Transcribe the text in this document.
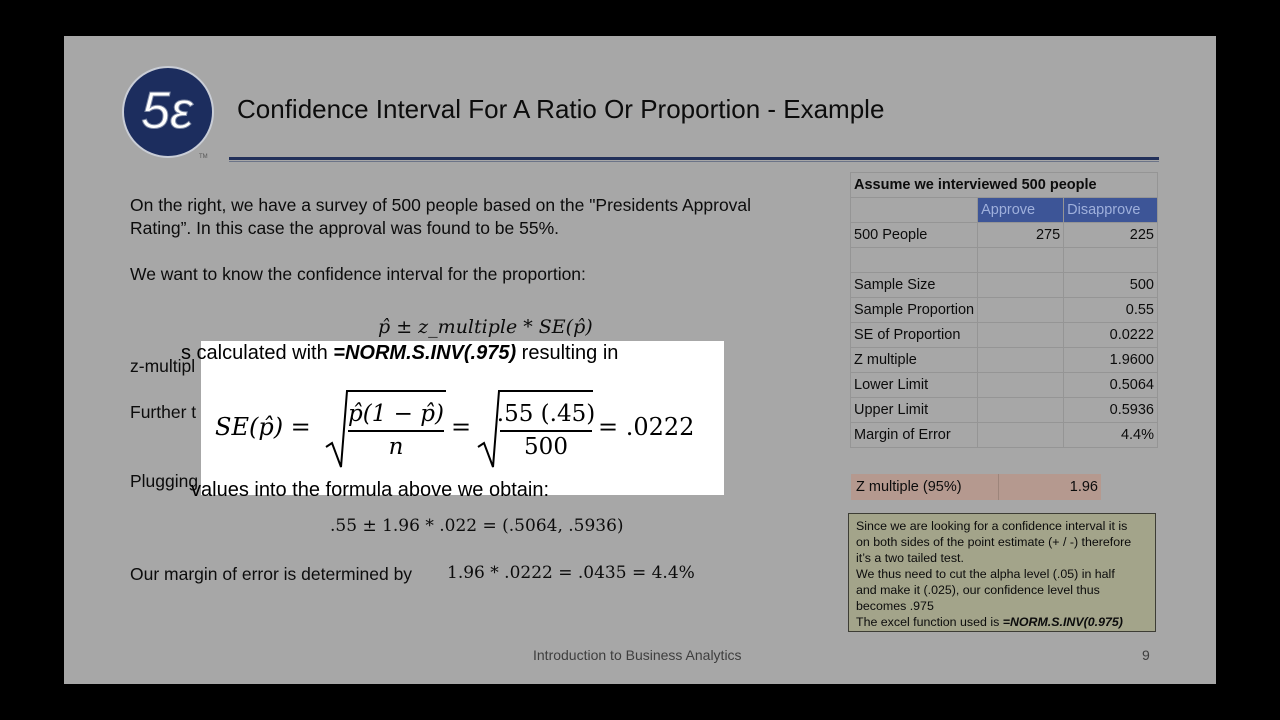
5ε
TM
Confidence Interval For A Ratio Or Proportion - Example
On the right, we have a survey of 500 people based on the "Presidents Approval
Rating”. In this case the approval was found to be 55%.
We want to know the confidence interval for the proportion:
p̂ ± z_multiple * SE(p̂)
z-multipl
Further t
Plugging
.55 ± 1.96 * .022 = (.5064, .5936)
Our margin of error is determined by 1.96 * .0222 = .0435 = 4.4%
s calculated with =NORM.S.INV(.975) resulting in
SE(p̂) = p̂(1 − p̂)
n
= .55 (.45)
500
= .0222
values into the formula above we obtain:
Assume we interviewed 500 people		
	Approve	Disapprove
500 People	275	225

Sample Size		500
Sample Proportion		0.55
SE of Proportion		0.0222
Z multiple		1.9600
Lower Limit		0.5064
Upper Limit		0.5936
Margin of Error		4.4%
Z multiple (95%)	1.96
Since we are looking for a confidence interval it is
on both sides of the point estimate (+ / -) therefore
it’s a two tailed test.
We thus need to cut the alpha level (.05) in half
and make it (.025), our confidence level thus
becomes .975
The excel function used is =NORM.S.INV(0.975)
Introduction to Business Analytics	9
